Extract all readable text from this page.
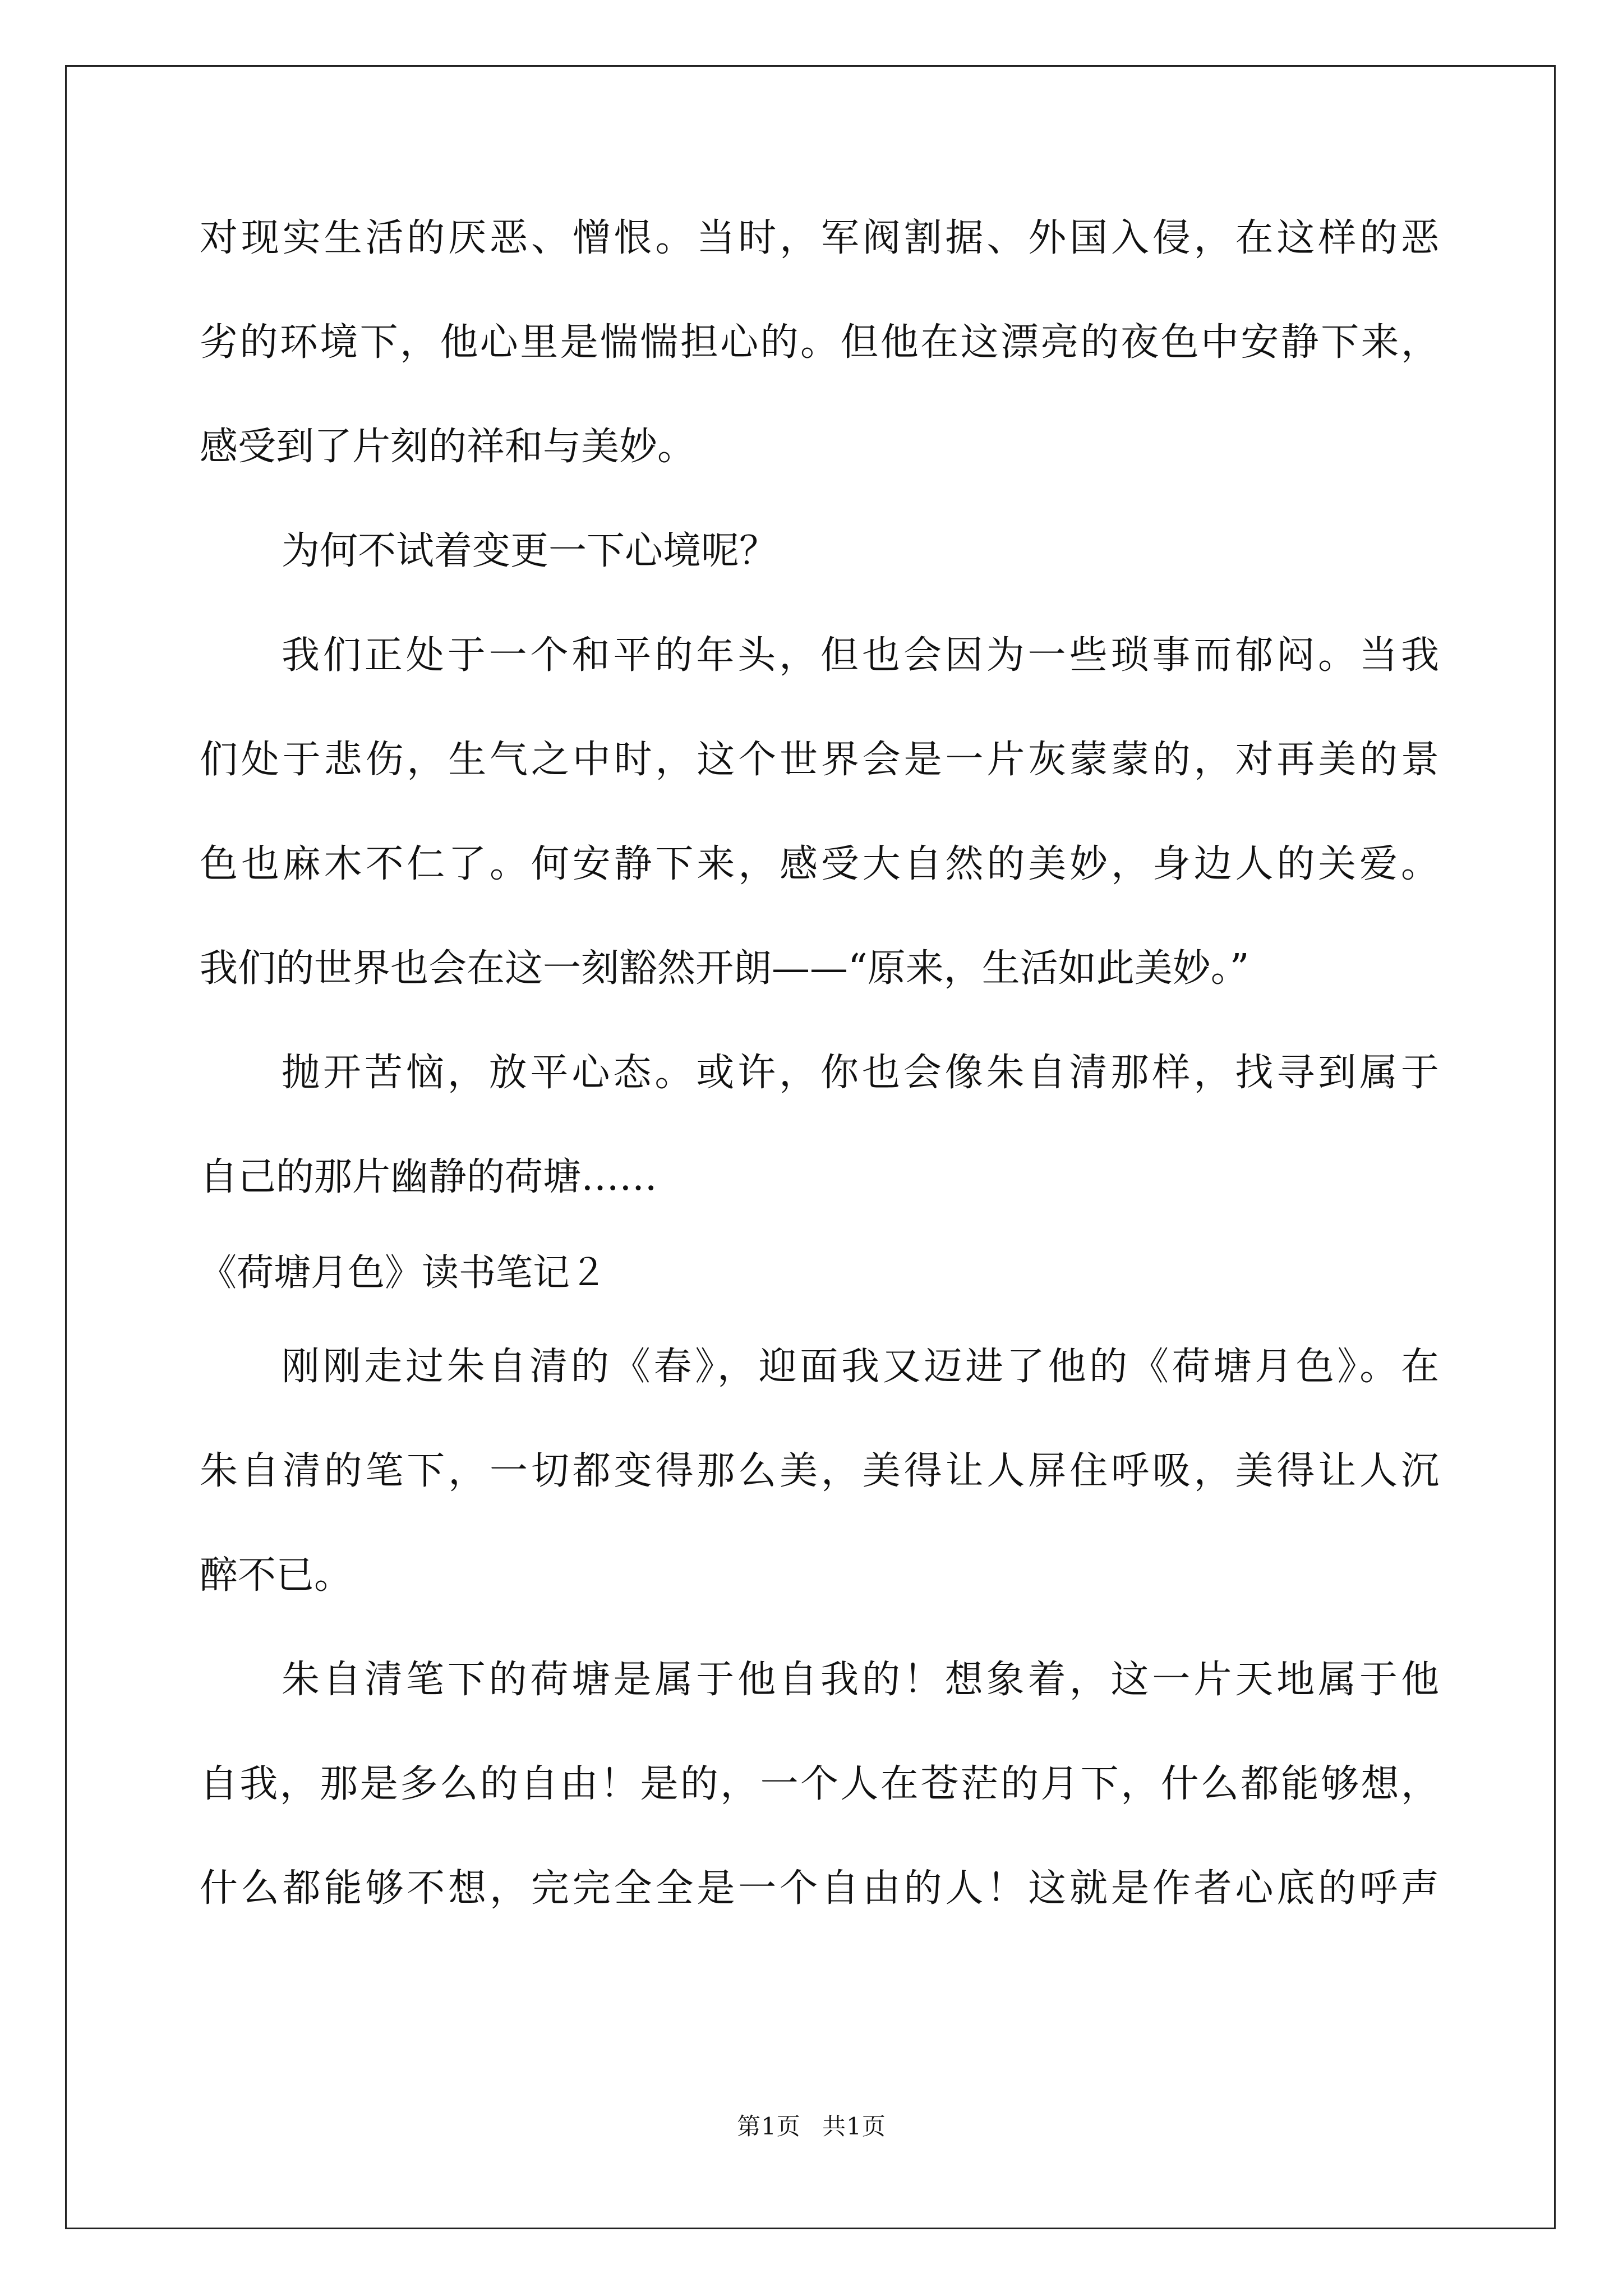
对现实生活的厌恶、憎恨。当时，军阀割据、外国入侵，在这样的恶
劣的环境下，他心里是惴惴担心的。但他在这漂亮的夜色中安静下来，
感受到了片刻的祥和与美妙。
为何不试着变更一下心境呢？
我们正处于一个和平的年头，但也会因为一些琐事而郁闷。当我
们处于悲伤，生气之中时，这个世界会是一片灰蒙蒙的，对再美的景
色也麻木不仁了。何安静下来，感受大自然的美妙，身边人的关爱。
我们的世界也会在这一刻豁然开朗——“原来，生活如此美妙。”
抛开苦恼，放平心态。或许，你也会像朱自清那样，找寻到属于
自己的那片幽静的荷塘……
《荷塘月色》读书笔记２
刚刚走过朱自清的《春》，迎面我又迈进了他的《荷塘月色》。在
朱自清的笔下，一切都变得那么美，美得让人屏住呼吸，美得让人沉
醉不已。
朱自清笔下的荷塘是属于他自我的！想象着，这一片天地属于他
自我，那是多么的自由！是的，一个人在苍茫的月下，什么都能够想，
什么都能够不想，完完全全是一个自由的人！这就是作者心底的呼声
第1页 共1页
